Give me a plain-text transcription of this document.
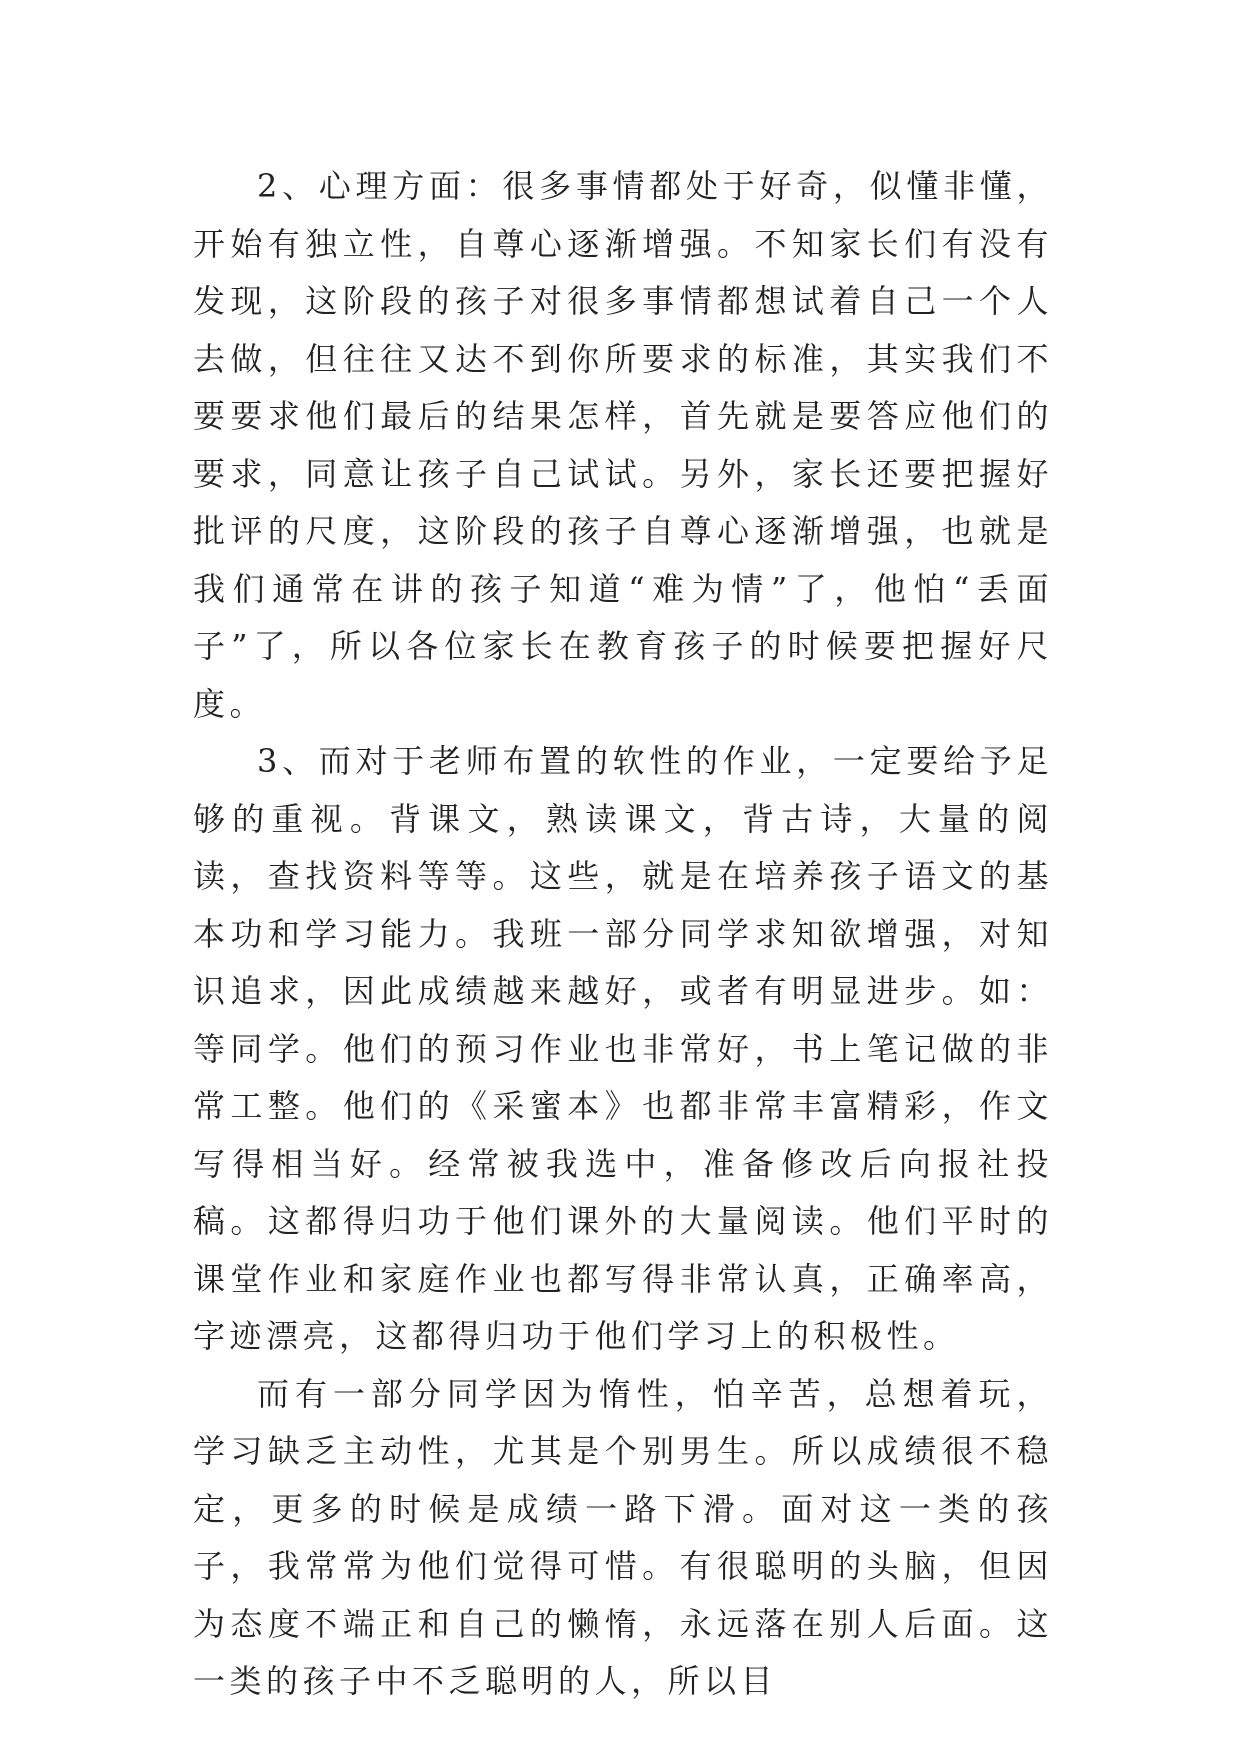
2、心理方面：很多事情都处于好奇，似懂非懂，开始有独立性，自尊心逐渐增强。不知家长们有没有发现，这阶段的孩子对很多事情都想试着自己一个人去做，但往往又达不到你所要求的标准，其实我们不要要求他们最后的结果怎样，首先就是要答应他们的要求，同意让孩子自己试试。另外，家长还要把握好批评的尺度，这阶段的孩子自尊心逐渐增强，也就是我们通常在讲的孩子知道“难为情”了，他怕“丢面子”了，所以各位家长在教育孩子的时候要把握好尺度。

3、而对于老师布置的软性的作业，一定要给予足够的重视。背课文，熟读课文，背古诗，大量的阅读，查找资料等等。这些，就是在培养孩子语文的基本功和学习能力。我班一部分同学求知欲增强，对知识追求，因此成绩越来越好，或者有明显进步。如：等同学。他们的预习作业也非常好，书上笔记做的非常工整。他们的《采蜜本》也都非常丰富精彩，作文写得相当好。经常被我选中，准备修改后向报社投稿。这都得归功于他们课外的大量阅读。他们平时的课堂作业和家庭作业也都写得非常认真，正确率高，字迹漂亮，这都得归功于他们学习上的积极性。

而有一部分同学因为惰性，怕辛苦，总想着玩，学习缺乏主动性，尤其是个别男生。所以成绩很不稳定，更多的时候是成绩一路下滑。面对这一类的孩子，我常常为他们觉得可惜。有很聪明的头脑，但因为态度不端正和自己的懒惰，永远落在别人后面。这一类的孩子中不乏聪明的人，所以目
